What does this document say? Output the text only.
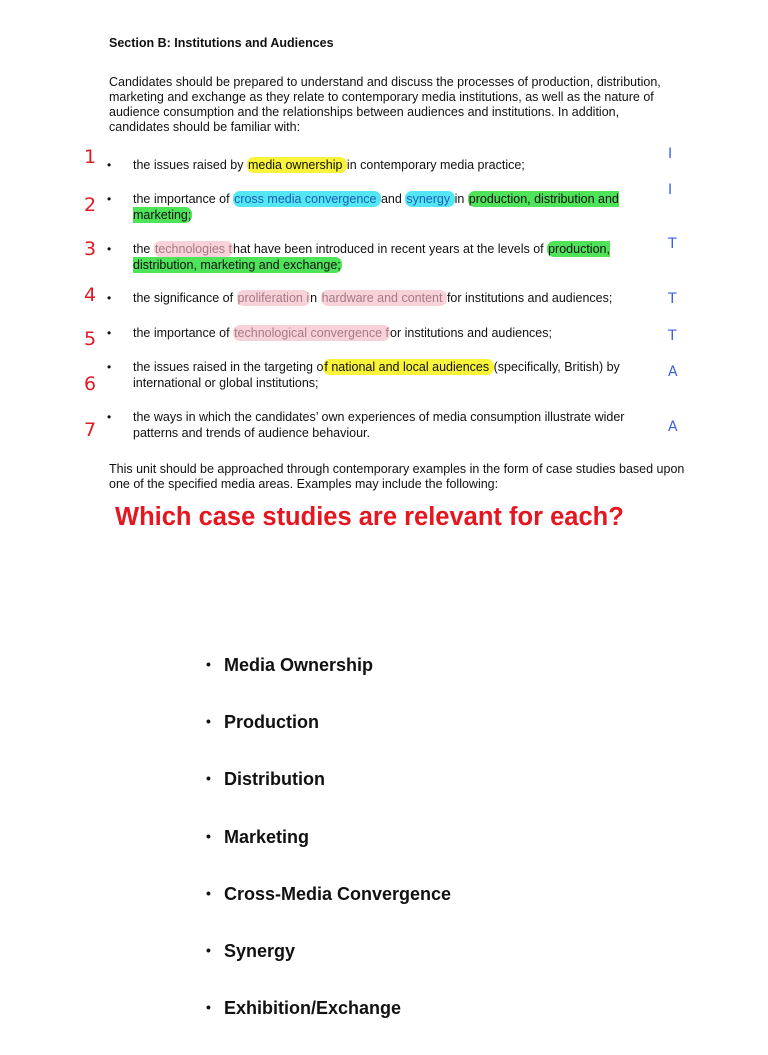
Section B: Institutions and Audiences
Candidates should be prepared to understand and discuss the processes of production, distribution, marketing and exchange as they relate to contemporary media institutions, as well as the nature of audience consumption and the relationships between audiences and institutions. In addition, candidates should be familiar with:
• the issues raised by media ownership in contemporary media practice;
1	I
• the importance of cross media convergence and synergy in production, distribution and marketing;
2
I
• the technologies that have been introduced in recent years at the levels of production, distribution, marketing and exchange;
3	T
• the significance of proliferation in hardware and content for institutions and audiences;
4	T
• the importance of technological convergence for institutions and audiences;
5	T
• the issues raised in the targeting of national and local audiences (specifically, British) by international or global institutions;
6
A
• the ways in which the candidates’ own experiences of media consumption illustrate wider patterns and trends of audience behaviour.
7	A
This unit should be approached through contemporary examples in the form of case studies based upon one of the specified media areas. Examples may include the following:
Which case studies are relevant for each?
• Media Ownership
• Production
• Distribution
• Marketing
• Cross-Media Convergence
• Synergy
• Exhibition/Exchange
